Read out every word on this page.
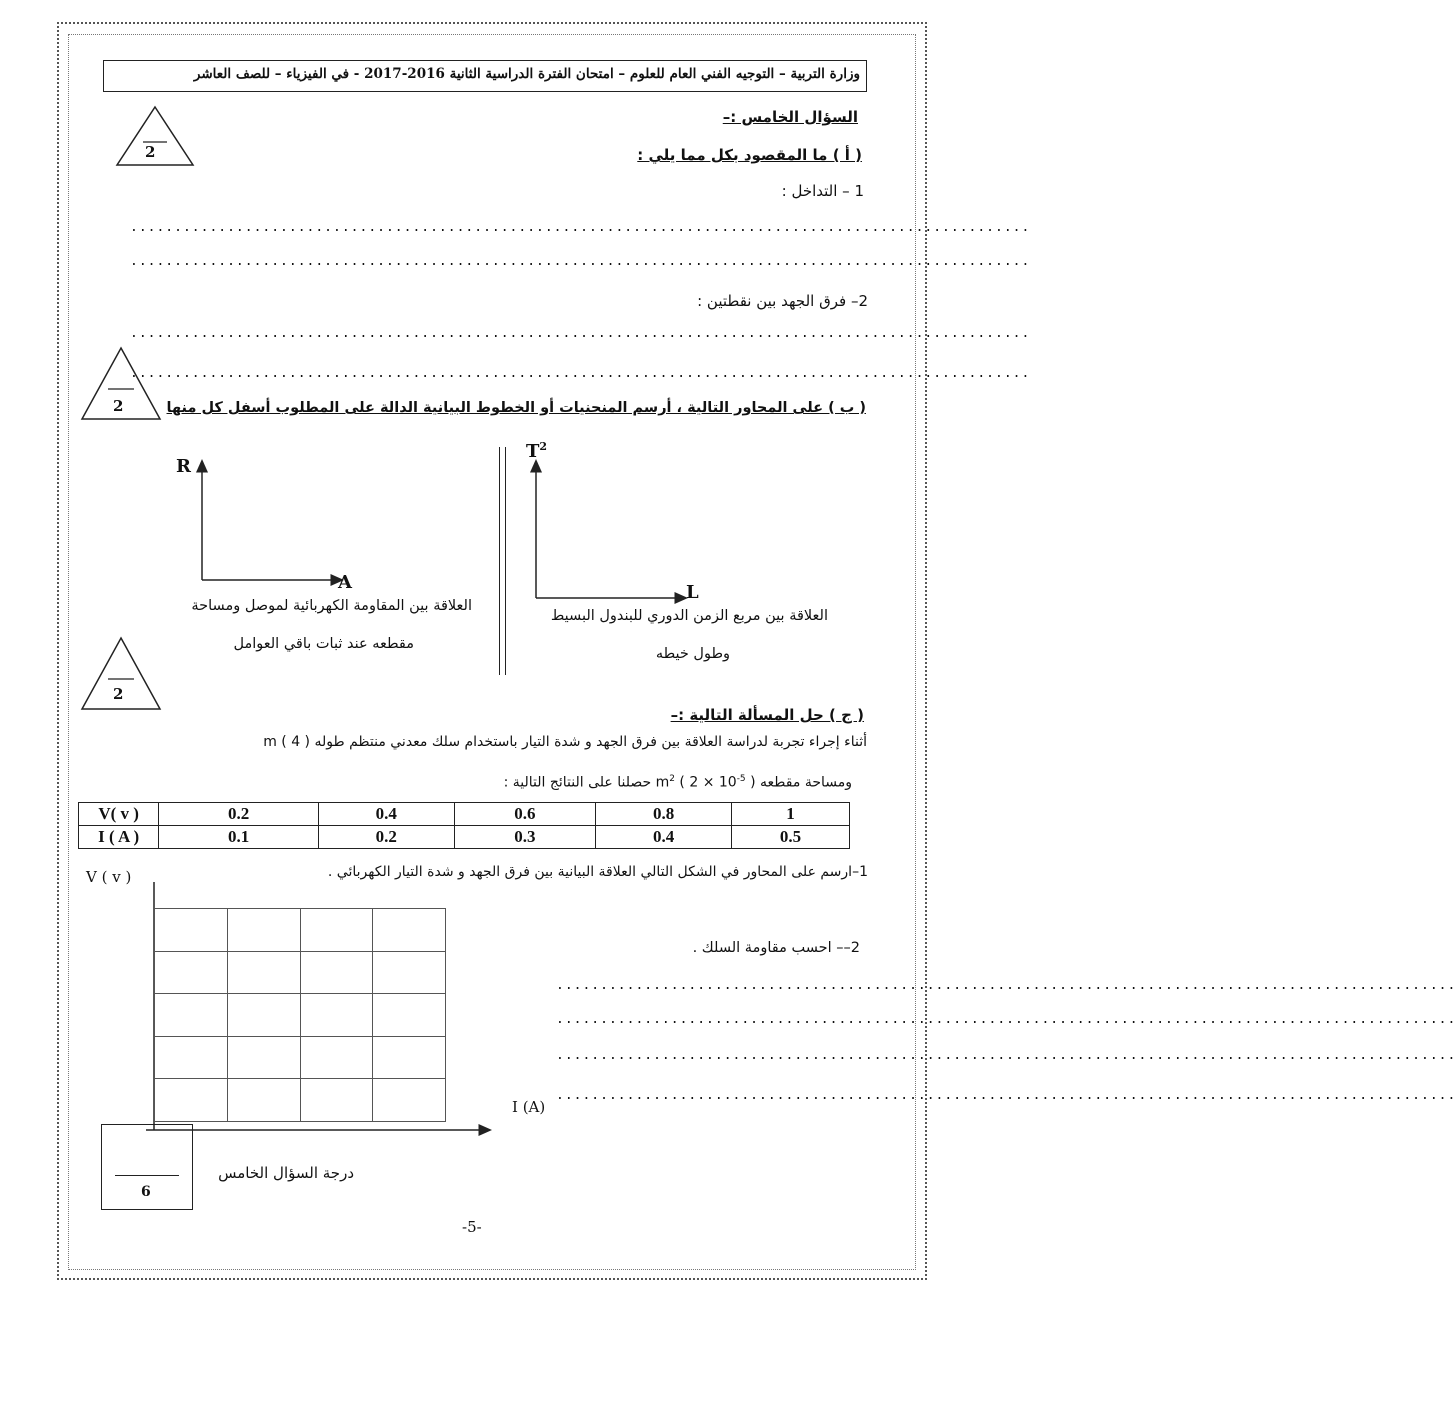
وزارة التربية – التوجيه الفني العام للعلوم – امتحان الفترة الدراسية الثانية 2016-2017 - في الفيزياء – للصف العاشر
السؤال الخامس :–
2	( أ ) ما المقصود بكل مما يلي :
1 – التداخل :
......................................................................................................
......................................................................................................
2– فرق الجهد بين نقطتين :
......................................................................................................
......................................................................................................
2	( ب ) على المحاور التالية ، أرسم المنحنيات أو الخطوط البيانية الدالة على المطلوب أسفل كل منها
R
A
العلاقة بين المقاومة الكهربائية لموصل ومساحة
مقطعه عند ثبات باقي العوامل
$T^2$
L
العلاقة بين مربع الزمن الدوري للبندول البسيط
وطول خيطه
2
( ج ) حل المسألة التالية :–
أثناء إجراء تجربة لدراسة العلاقة بين فرق الجهد و شدة التيار باستخدام سلك معدني منتظم طوله m ( 4 )
ومساحة مقطعه $m^2$ ( $2 \times 10^{-5}$ ) حصلنا على النتائج التالية :
V( v )	0.2	0.4	0.6	0.8	1
I ( A )	0.1	0.2	0.3	0.4	0.5
1–ارسم على المحاور في الشكل التالي العلاقة البيانية بين فرق الجهد و شدة التيار الكهربائي .
V ( v )
I (A)
2–– احسب مقاومة السلك .
......................................................................................................
......................................................................................................
......................................................................................................
......................................................................................................
6
درجة السؤال الخامس
-5-
